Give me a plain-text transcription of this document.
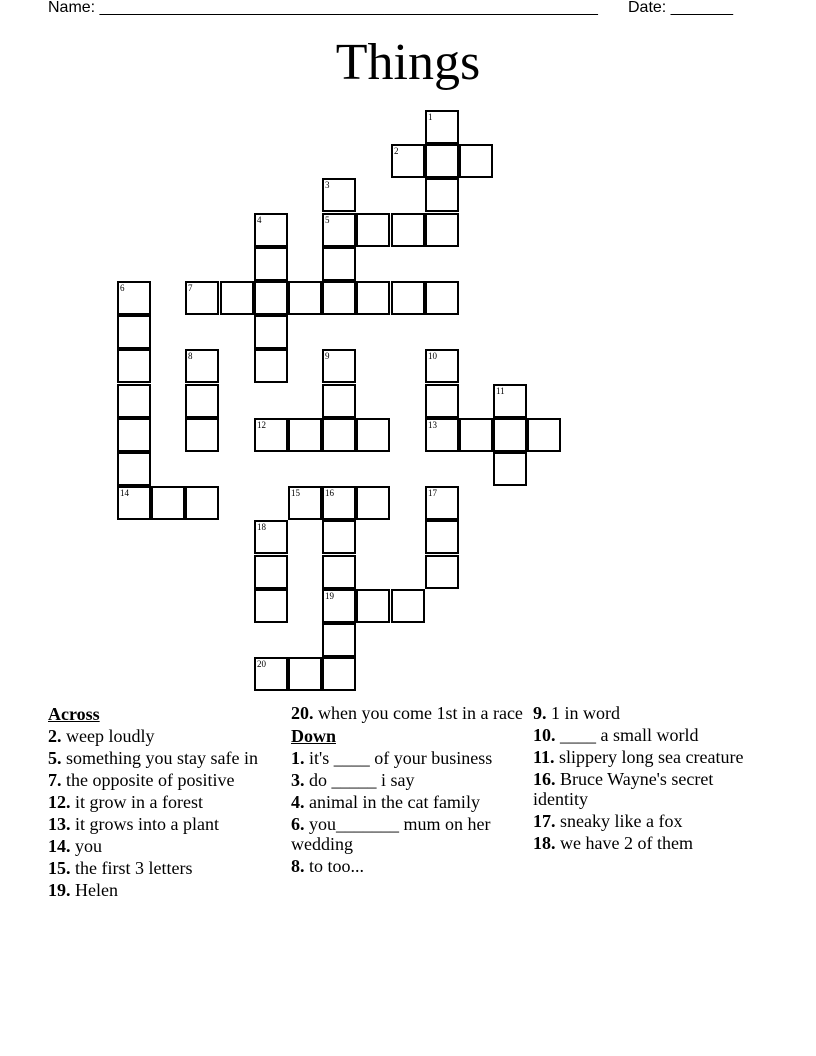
Name: ________________________________________________________ Date: _______
Things
1
2
3
4	5
6	7
8	9	10
11
12	13
14	15	16	17
18
19
20
Across
2. weep loudly
5. something you stay safe in
7. the opposite of positive
12. it grow in a forest
13. it grows into a plant
14. you
15. the first 3 letters
19. Helen
20. when you come 1st in a race
Down
1. it's ____ of your business
3. do _____ i say
4. animal in the cat family
6. you_______ mum on her wedding
8. to too...
9. 1 in word
10. ____ a small world
11. slippery long sea creature
16. Bruce Wayne's secret identity
17. sneaky like a fox
18. we have 2 of them
